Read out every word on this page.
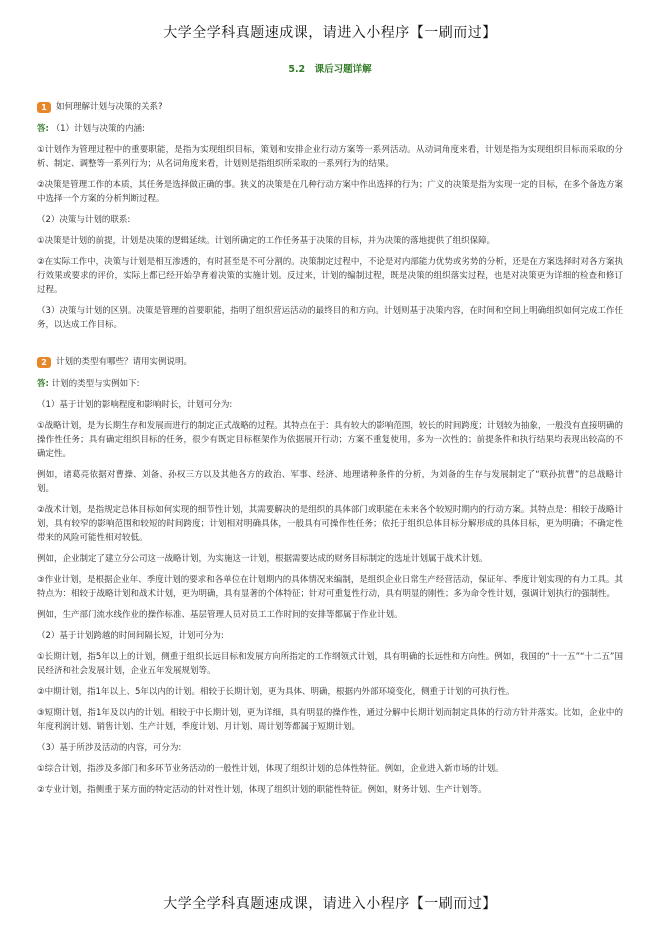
大学全学科真题速成课，请进入小程序【一刷而过】
5.2　课后习题详解
1	如何理解计划与决策的关系?

答: （1）计划与决策的内涵:

①计划作为管理过程中的重要职能，是指为实现组织目标，策划和安排企业行动方案等一系列活动。从动词角度来看，计划是指为实现组织目标而采取的分析、制定、调整等一系列行为；从名词角度来看，计划则是指组织所采取的一系列行为的结果。

②决策是管理工作的本质，其任务是选择做正确的事。狭义的决策是在几种行动方案中作出选择的行为；广义的决策是指为实现一定的目标，在多个备选方案中选择一个方案的分析判断过程。

（2）决策与计划的联系:

①决策是计划的前提，计划是决策的逻辑延续。计划所确定的工作任务基于决策的目标，并为决策的落地提供了组织保障。

②在实际工作中，决策与计划是相互渗透的，有时甚至是不可分割的。决策制定过程中，不论是对内部能力优势或劣势的分析，还是在方案选择时对各方案执行效果或要求的评价，实际上都已经开始孕育着决策的实施计划。反过来，计划的编制过程，既是决策的组织落实过程，也是对决策更为详细的检查和修订过程。

（3）决策与计划的区别。决策是管理的首要职能，指明了组织营运活动的最终目的和方向。计划则基于决策内容，在时间和空间上明确组织如何完成工作任务，以达成工作目标。

2	计划的类型有哪些？请用实例说明。

答: 计划的类型与实例如下:

（1）基于计划的影响程度和影响时长，计划可分为:

①战略计划，是为长期生存和发展而进行的制定正式战略的过程。其特点在于：具有较大的影响范围，较长的时间跨度；计划较为抽象，一般没有直接明确的操作性任务；具有确定组织目标的任务，很少有既定目标框架作为依据展开行动；方案不重复使用，多为一次性的；前提条件和执行结果均表现出较高的不确定性。

例如，诸葛亮依据对曹操、刘备、孙权三方以及其他各方的政治、军事、经济、地理诸种条件的分析，为刘备的生存与发展制定了“联孙抗曹”的总战略计划。

②战术计划，是指规定总体目标如何实现的细节性计划，其需要解决的是组织的具体部门或职能在未来各个较短时期内的行动方案。其特点是：相较于战略计划，具有较窄的影响范围和较短的时间跨度；计划相对明确具体，一般具有可操作性任务；依托于组织总体目标分解形成的具体目标，更为明确；不确定性带来的风险可能性相对较低。

例如，企业制定了建立分公司这一战略计划，为实施这一计划，根据需要达成的财务目标制定的选址计划属于战术计划。

③作业计划，是根据企业年、季度计划的要求和各单位在计划期内的具体情况来编制，是组织企业日常生产经营活动，保证年、季度计划实现的有力工具。其特点为：相较于战略计划和战术计划，更为明确，具有显著的个体特征；针对可重复性行动，具有明显的刚性；多为命令性计划，强调计划执行的强制性。

例如，生产部门流水线作业的操作标准、基层管理人员对员工工作时间的安排等都属于作业计划。

（2）基于计划跨越的时间间隔长短，计划可分为:

①长期计划，指5年以上的计划，侧重于组织长远目标和发展方向所指定的工作纲领式计划，具有明确的长远性和方向性。例如，我国的“十一五”“十二五”国民经济和社会发展计划，企业五年发展规划等。

②中期计划，指1年以上、5年以内的计划。相较于长期计划，更为具体、明确，根据内外部环境变化，侧重于计划的可执行性。

③短期计划，指1年及以内的计划。相较于中长期计划，更为详细，具有明显的操作性，通过分解中长期计划而制定具体的行动方针并落实。比如，企业中的年度利润计划、销售计划、生产计划，季度计划、月计划、周计划等都属于短期计划。

（3）基于所涉及活动的内容，可分为:

①综合计划，指涉及多部门和多环节业务活动的一般性计划，体现了组织计划的总体性特征。例如，企业进入新市场的计划。

②专业计划，指侧重于某方面的特定活动的针对性计划，体现了组织计划的职能性特征。例如，财务计划、生产计划等。

大学全学科真题速成课，请进入小程序【一刷而过】
